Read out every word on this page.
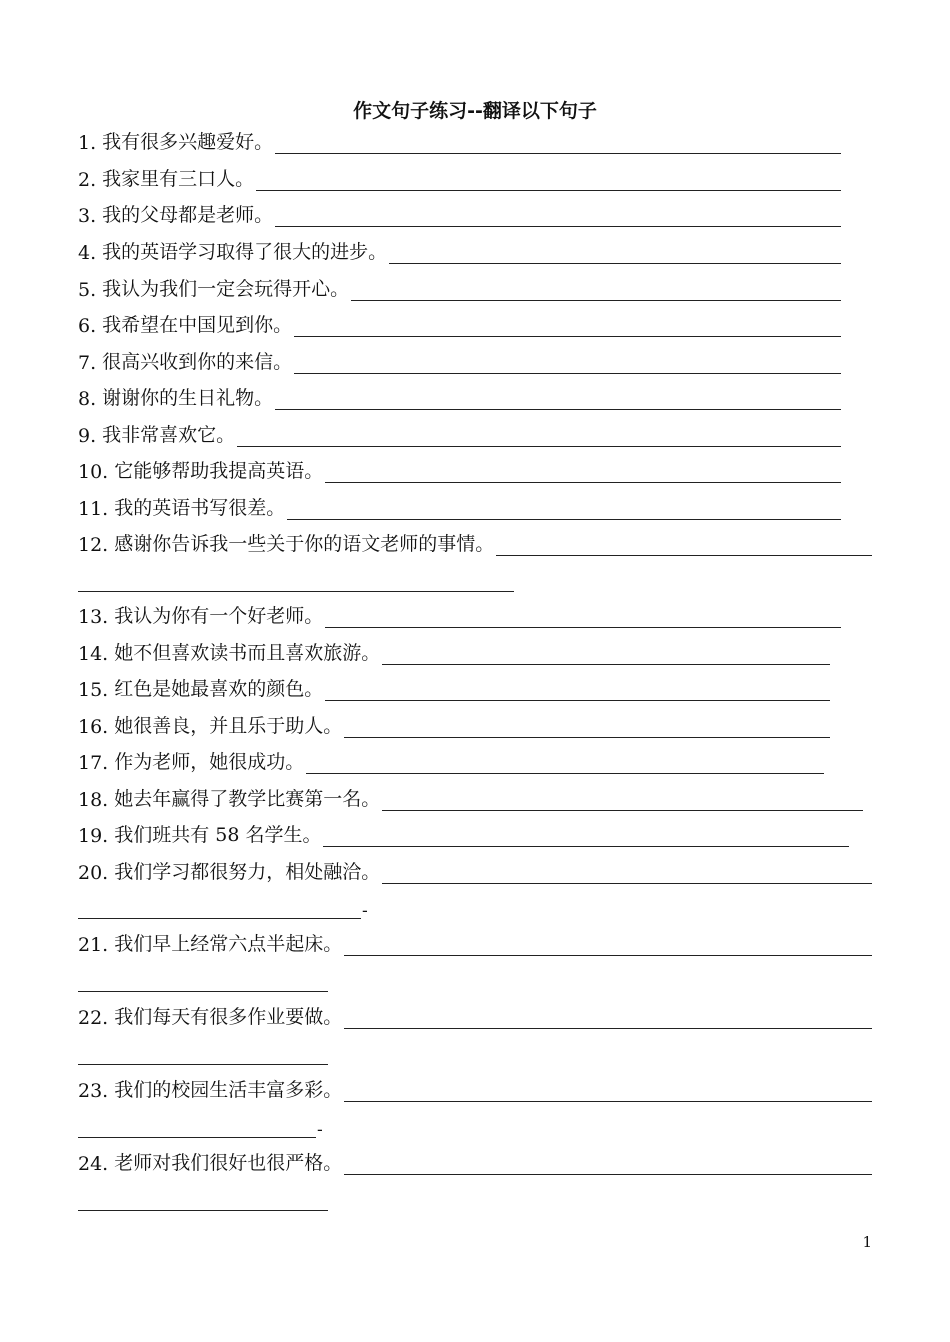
作文句子练习--翻译以下句子
1. 我有很多兴趣爱好。
2. 我家里有三口人。
3. 我的父母都是老师。
4. 我的英语学习取得了很大的进步。
5. 我认为我们一定会玩得开心。
6. 我希望在中国见到你。
7. 很高兴收到你的来信。
8. 谢谢你的生日礼物。
9. 我非常喜欢它。
10. 它能够帮助我提高英语。
11. 我的英语书写很差。
12. 感谢你告诉我一些关于你的语文老师的事情。
13. 我认为你有一个好老师。
14. 她不但喜欢读书而且喜欢旅游。
15. 红色是她最喜欢的颜色。
16. 她很善良，并且乐于助人。
17. 作为老师，她很成功。
18. 她去年赢得了教学比赛第一名。
19. 我们班共有 58 名学生。
20. 我们学习都很努力，相处融洽。
-
21. 我们早上经常六点半起床。
22. 我们每天有很多作业要做。
23. 我们的校园生活丰富多彩。
-
24. 老师对我们很好也很严格。
1
